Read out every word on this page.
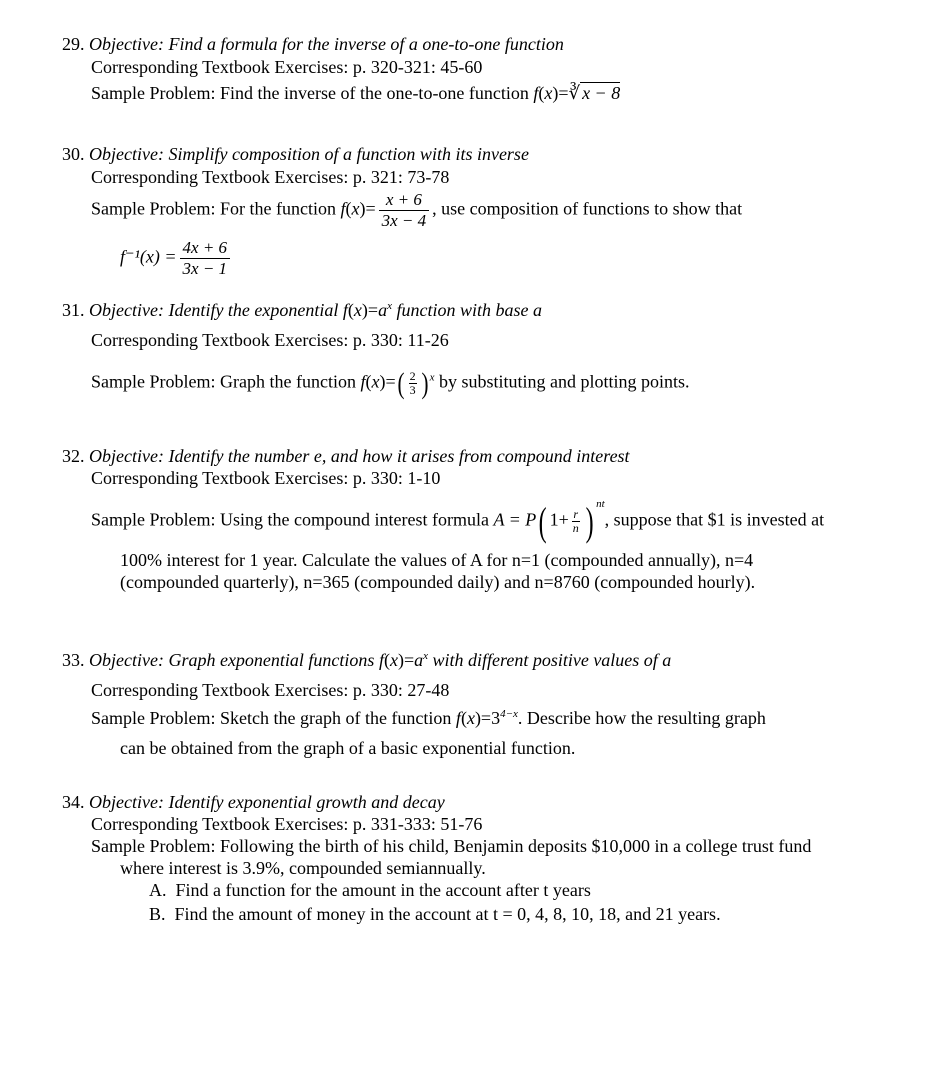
29. Objective: Find a formula for the inverse of a one-to-one function
Corresponding Textbook Exercises: p. 320-321: 45-60
Sample Problem: Find the inverse of the one-to-one function f(x)=∛ x − 8
30. Objective: Simplify composition of a function with its inverse
Corresponding Textbook Exercises: p. 321: 73-78
Sample Problem: For the function $f(x)= \frac{x + 6}{3x - 4}$ , use composition of functions to show that
$f^{-1}(x) = \frac{4x + 6}{3x - 1}$
31. Objective: Identify the exponential $f(x)=a^x$ function with base a
Corresponding Textbook Exercises: p. 330: 11-26
Sample Problem: Graph the function $f(x)=( \frac{2}{3}$ ) $^x$ by substituting and plotting points.
32. Objective: Identify the number e, and how it arises from compound interest
Corresponding Textbook Exercises: p. 330: 1-10
Sample Problem: Using the compound interest formula A = P( $1+ \frac{r}{n}$ ) $^{nt}$, suppose that $1 is invested at
100% interest for 1 year. Calculate the values of A for n=1 (compounded annually), n=4
(compounded quarterly), n=365 (compounded daily) and n=8760 (compounded hourly).
33. Objective: Graph exponential functions $f(x)=a^x$ with different positive values of a
Corresponding Textbook Exercises: p. 330: 27-48
Sample Problem: Sketch the graph of the function $f(x)=3^{4-x}$. Describe how the resulting graph
can be obtained from the graph of a basic exponential function.
34. Objective: Identify exponential growth and decay
Corresponding Textbook Exercises: p. 331-333: 51-76
Sample Problem: Following the birth of his child, Benjamin deposits $10,000 in a college trust fund
where interest is 3.9%, compounded semiannually.
A. Find a function for the amount in the account after t years
B. Find the amount of money in the account at t = 0, 4, 8, 10, 18, and 21 years.
